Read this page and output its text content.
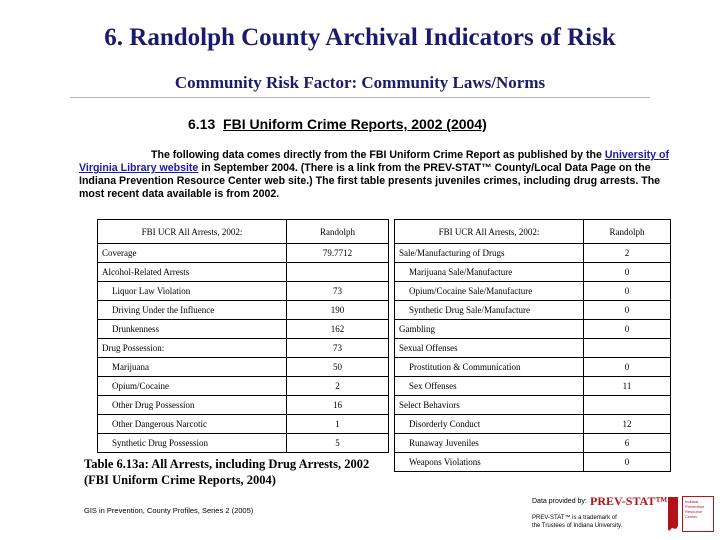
6. Randolph County Archival Indicators of Risk
Community Risk Factor: Community Laws/Norms
6.13 FBI Uniform Crime Reports, 2002 (2004)
The following data comes directly from the FBI Uniform Crime Report as published by the University of Virginia Library website in September 2004. (There is a link from the PREV-STAT™ County/Local Data Page on the Indiana Prevention Resource Center web site.) The first table presents juveniles crimes, including drug arrests. The most recent data available is from 2002.
FBI UCR All Arrests, 2002:	Randolph
Coverage	79.7712
Alcohol-Related Arrests	
Liquor Law Violation	73
Driving Under the Influence	190
Drunkenness	162
Drug Possession:	73
Marijuana	50
Opium/Cocaine	2
Other Drug Possession	16
Other Dangerous Narcotic	1
Synthetic Drug Possession	5
FBI UCR All Arrests, 2002:	Randolph
Sale/Manufacturing of Drugs	2
Marijuana Sale/Manufacture	0
Opium/Cocaine Sale/Manufacture	0
Synthetic Drug Sale/Manufacture	0
Gambling	0
Sexual Offenses	
Prostitution & Communication	0
Sex Offenses	11
Select Behaviors	
Disorderly Conduct	12
Runaway Juveniles	6
Weapons Violations	0
Table 6.13a: All Arrests, including Drug Arrests, 2002
(FBI Uniform Crime Reports, 2004)
GIS in Prevention, County Profiles, Series 2 (2005)
Data provided by: PREV-STAT™
PREV-STAT™ is a trademark of
the Trustees of Indiana University.
Indiana Prevention Resource Center
